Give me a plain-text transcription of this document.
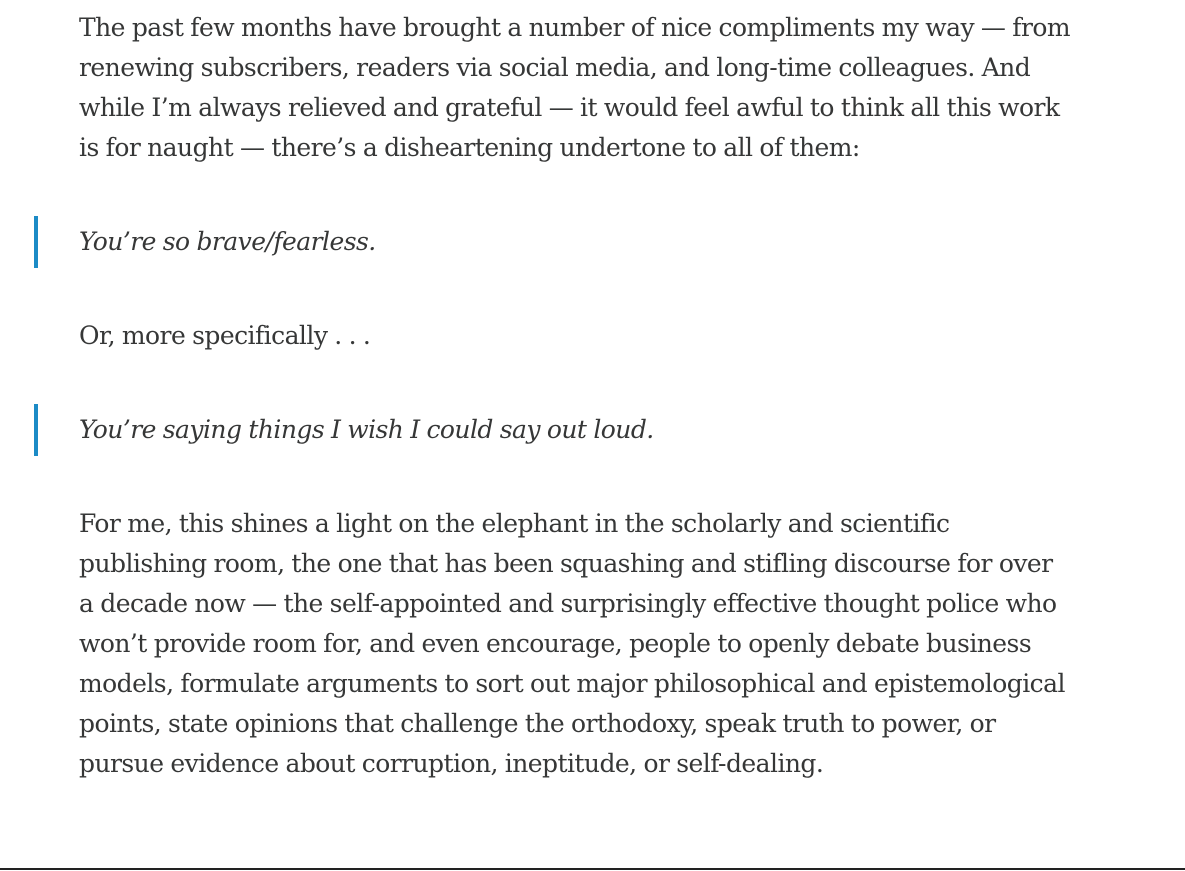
The past few months have brought a number of nice compliments my way — from
renewing subscribers, readers via social media, and long-time colleagues. And
while I’m always relieved and grateful — it would feel awful to think all this work
is for naught — there’s a disheartening undertone to all of them:

You’re so brave/fearless.

Or, more specifically . . .

You’re saying things I wish I could say out loud.

For me, this shines a light on the elephant in the scholarly and scientific
publishing room, the one that has been squashing and stifling discourse for over
a decade now — the self-appointed and surprisingly effective thought police who
won’t provide room for, and even encourage, people to openly debate business
models, formulate arguments to sort out major philosophical and epistemological
points, state opinions that challenge the orthodoxy, speak truth to power, or
pursue evidence about corruption, ineptitude, or self-dealing.
